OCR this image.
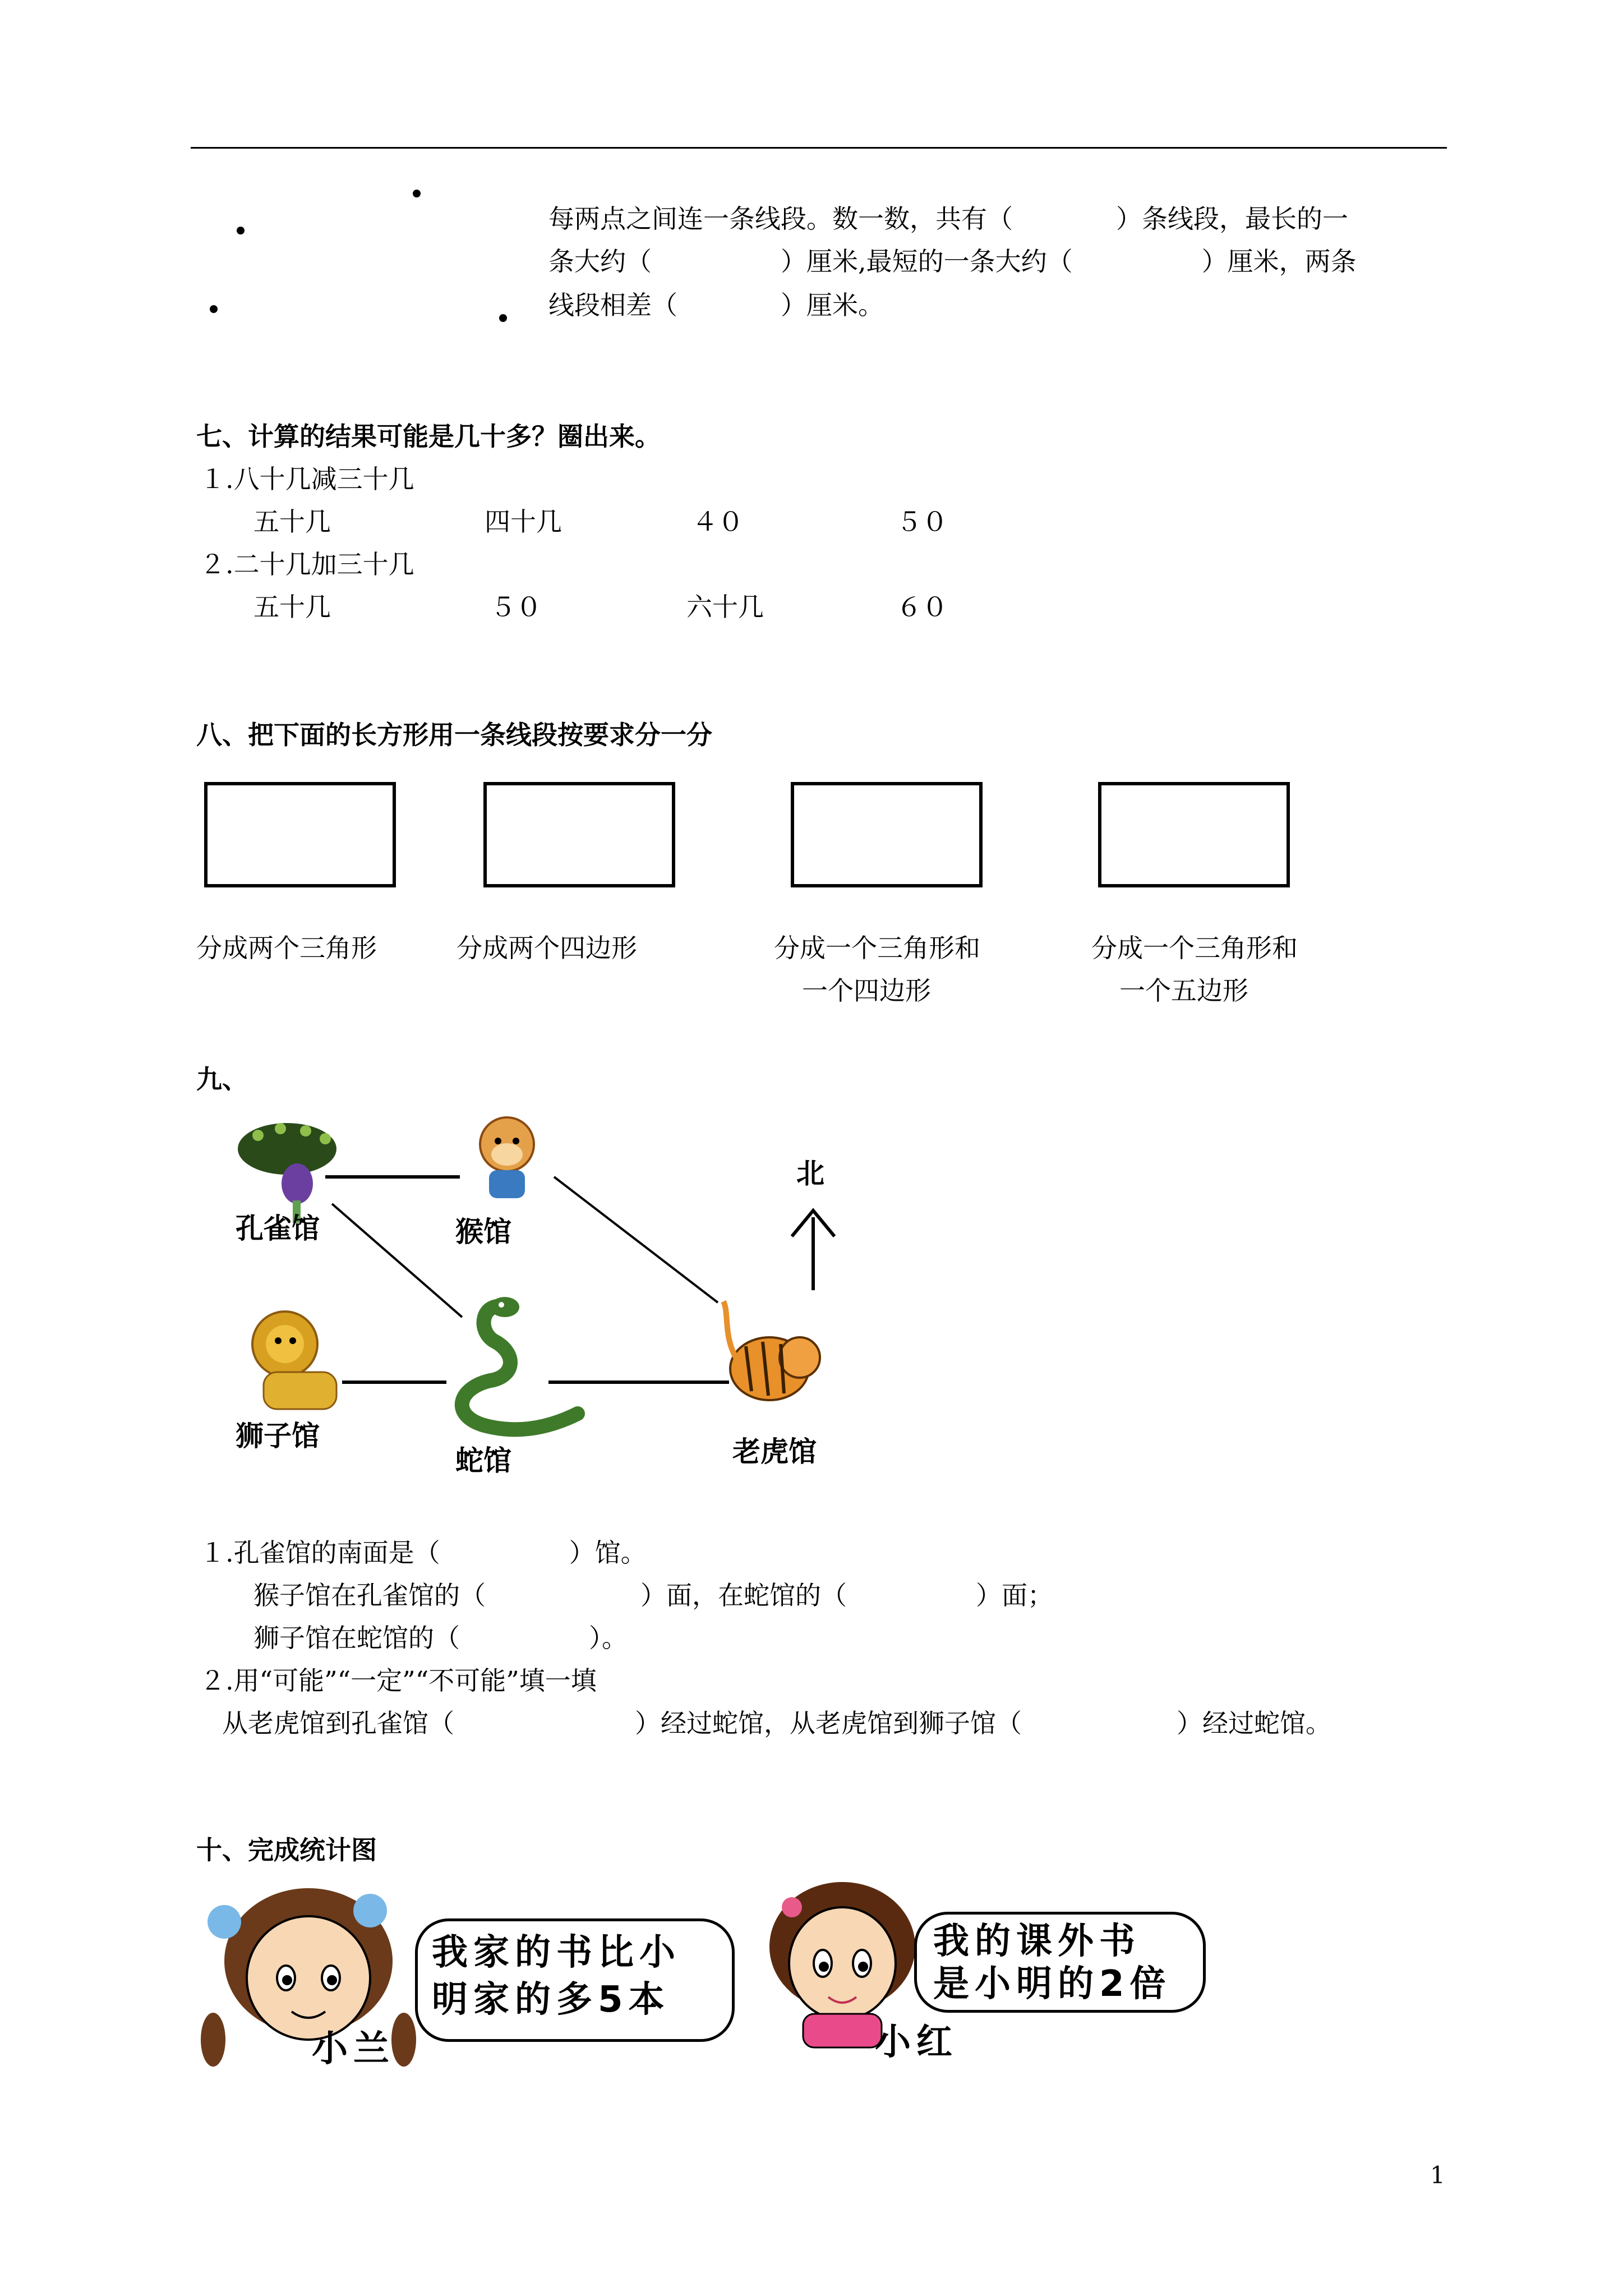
每两点之间连一条线段。数一数，共有（　　　　）条线段，最长的一
条大约（　　　　　）厘米,最短的一条大约（　　　　　）厘米，两条
线段相差（　　　　）厘米。
七、计算的结果可能是几十多？圈出来。
１.八十几减三十几
五十几	四十几	４０	５０
２.二十几加三十几
五十几	５０	六十几	６０
八、把下面的长方形用一条线段按要求分一分
分成两个三角形	分成两个四边形	分成一个三角形和
一个四边形
分成一个三角形和
一个五边形
九、
孔雀馆	猴馆
北
狮子馆
蛇馆	老虎馆
１.孔雀馆的南面是（　　　　　）馆。
猴子馆在孔雀馆的（　　　　　　）面，在蛇馆的（　　　　　）面；
狮子馆在蛇馆的（　　　　　）。
２.用“可能”“一定”“不可能”填一填
从老虎馆到孔雀馆（　　　　　　　）经过蛇馆，从老虎馆到狮子馆（　　　　　　）经过蛇馆。
十、完成统计图
我家的书比小
明家的多5本
小兰
我的课外书
是小明的2倍
小红
1
